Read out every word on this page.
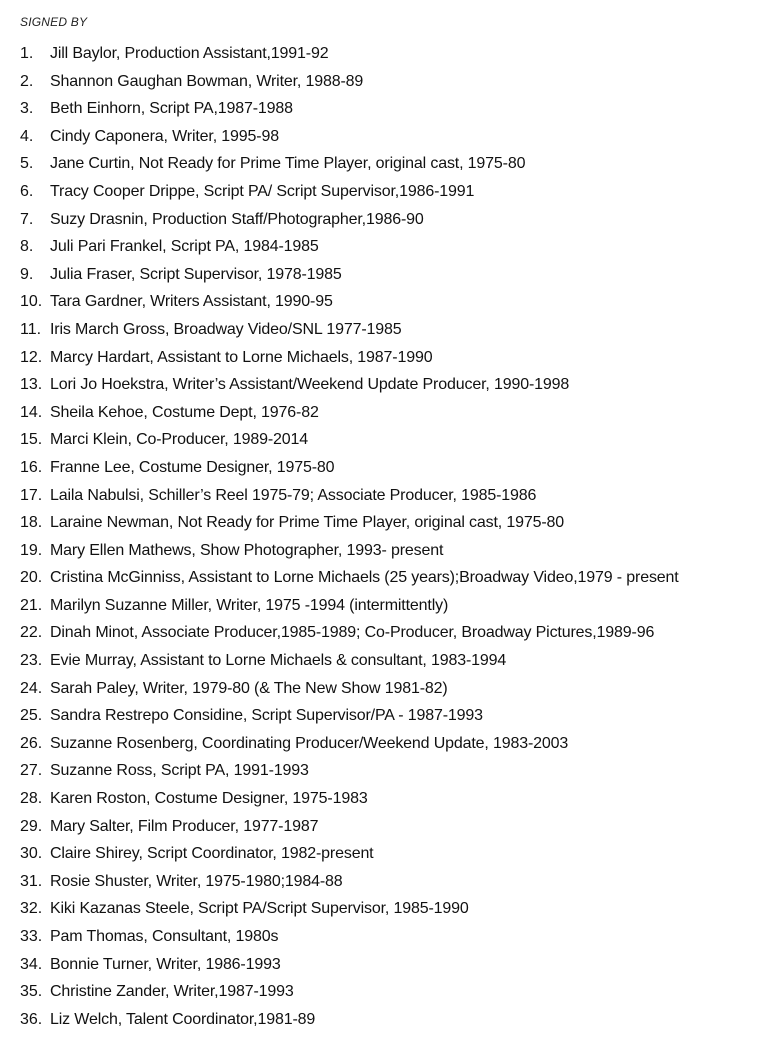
SIGNED BY
1. Jill Baylor, Production Assistant,1991-92
2. Shannon Gaughan Bowman, Writer, 1988-89
3. Beth Einhorn, Script PA,1987-1988
4. Cindy Caponera, Writer, 1995-98
5. Jane Curtin, Not Ready for Prime Time Player, original cast, 1975-80
6. Tracy Cooper Drippe, Script PA/ Script Supervisor,1986-1991
7. Suzy Drasnin, Production Staff/Photographer,1986-90
8. Juli Pari Frankel, Script PA, 1984-1985
9. Julia Fraser, Script Supervisor, 1978-1985
10. Tara Gardner, Writers Assistant, 1990-95
11. Iris March Gross, Broadway Video/SNL 1977-1985
12. Marcy Hardart, Assistant to Lorne Michaels, 1987-1990
13. Lori Jo Hoekstra, Writer’s Assistant/Weekend Update Producer, 1990-1998
14. Sheila Kehoe, Costume Dept, 1976-82
15. Marci Klein, Co-Producer, 1989-2014
16. Franne Lee, Costume Designer, 1975-80
17. Laila Nabulsi, Schiller’s Reel 1975-79; Associate Producer, 1985-1986
18. Laraine Newman, Not Ready for Prime Time Player, original cast, 1975-80
19. Mary Ellen Mathews, Show Photographer, 1993- present
20. Cristina McGinniss, Assistant to Lorne Michaels (25 years);Broadway Video,1979 - present
21. Marilyn Suzanne Miller, Writer, 1975 -1994 (intermittently)
22. Dinah Minot, Associate Producer,1985-1989; Co-Producer, Broadway Pictures,1989-96
23. Evie Murray, Assistant to Lorne Michaels & consultant, 1983-1994
24. Sarah Paley, Writer, 1979-80 (& The New Show 1981-82)
25. Sandra Restrepo Considine, Script Supervisor/PA - 1987-1993
26. Suzanne Rosenberg, Coordinating Producer/Weekend Update, 1983-2003
27. Suzanne Ross, Script PA, 1991-1993
28. Karen Roston, Costume Designer, 1975-1983
29. Mary Salter, Film Producer, 1977-1987
30. Claire Shirey, Script Coordinator, 1982-present
31. Rosie Shuster, Writer, 1975-1980;1984-88
32. Kiki Kazanas Steele, Script PA/Script Supervisor, 1985-1990
33. Pam Thomas, Consultant, 1980s
34. Bonnie Turner, Writer, 1986-1993
35. Christine Zander, Writer,1987-1993
36. Liz Welch, Talent Coordinator,1981-89
